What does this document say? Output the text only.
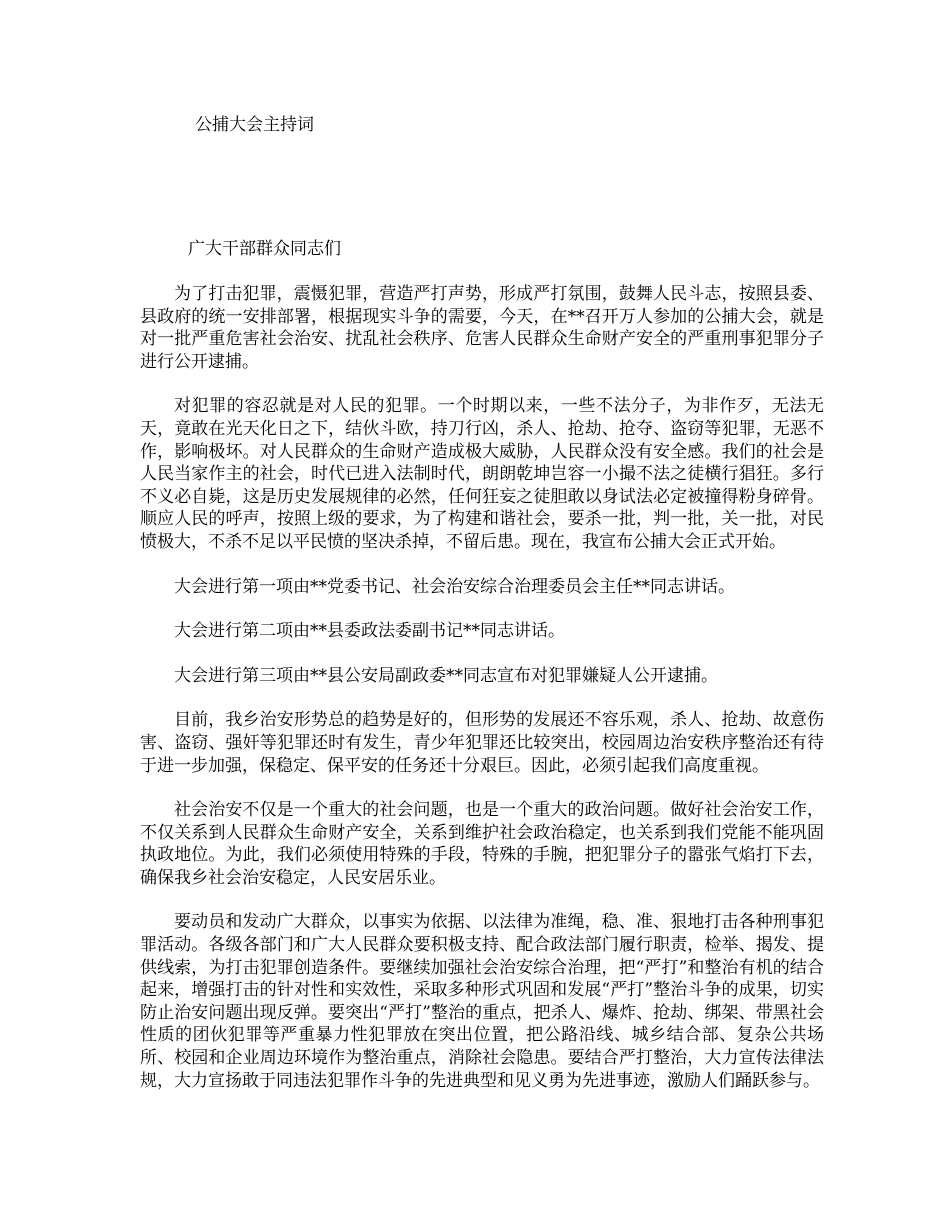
公捕大会主持词
广大干部群众同志们

为了打击犯罪，震慑犯罪，营造严打声势，形成严打氛围，鼓舞人民斗志，按照县委、县政府的统一安排部署，根据现实斗争的需要，今天，在**召开万人参加的公捕大会，就是对一批严重危害社会治安、扰乱社会秩序、危害人民群众生命财产安全的严重刑事犯罪分子进行公开逮捕。

对犯罪的容忍就是对人民的犯罪。一个时期以来，一些不法分子，为非作歹，无法无天，竟敢在光天化日之下，结伙斗欧，持刀行凶，杀人、抢劫、抢夺、盗窃等犯罪，无恶不作，影响极坏。对人民群众的生命财产造成极大威胁，人民群众没有安全感。我们的社会是人民当家作主的社会，时代已进入法制时代，朗朗乾坤岂容一小撮不法之徒横行猖狂。多行不义必自毙，这是历史发展规律的必然，任何狂妄之徒胆敢以身试法必定被撞得粉身碎骨。顺应人民的呼声，按照上级的要求，为了构建和谐社会，要杀一批，判一批，关一批，对民愤极大，不杀不足以平民愤的坚决杀掉，不留后患。现在，我宣布公捕大会正式开始。

大会进行第一项由**党委书记、社会治安综合治理委员会主任**同志讲话。

大会进行第二项由**县委政法委副书记**同志讲话。

大会进行第三项由**县公安局副政委**同志宣布对犯罪嫌疑人公开逮捕。

目前，我乡治安形势总的趋势是好的，但形势的发展还不容乐观，杀人、抢劫、故意伤害、盗窃、强奸等犯罪还时有发生，青少年犯罪还比较突出，校园周边治安秩序整治还有待于进一步加强，保稳定、保平安的任务还十分艰巨。因此，必须引起我们高度重视。

社会治安不仅是一个重大的社会问题，也是一个重大的政治问题。做好社会治安工作，不仅关系到人民群众生命财产安全，关系到维护社会政治稳定，也关系到我们党能不能巩固执政地位。为此，我们必须使用特殊的手段，特殊的手腕，把犯罪分子的嚣张气焰打下去，确保我乡社会治安稳定，人民安居乐业。

要动员和发动广大群众，以事实为依据、以法律为准绳，稳、准、狠地打击各种刑事犯罪活动。各级各部门和广大人民群众要积极支持、配合政法部门履行职责，检举、揭发、提供线索，为打击犯罪创造条件。要继续加强社会治安综合治理，把“严打”和整治有机的结合起来，增强打击的针对性和实效性，采取多种形式巩固和发展“严打”整治斗争的成果，切实防止治安问题出现反弹。要突出“严打”整治的重点，把杀人、爆炸、抢劫、绑架、带黑社会性质的团伙犯罪等严重暴力性犯罪放在突出位置，把公路沿线、城乡结合部、复杂公共场所、校园和企业周边环境作为整治重点，消除社会隐患。要结合严打整治，大力宣传法律法规，大力宣扬敢于同违法犯罪作斗争的先进典型和见义勇为先进事迹，激励人们踊跃参与。
